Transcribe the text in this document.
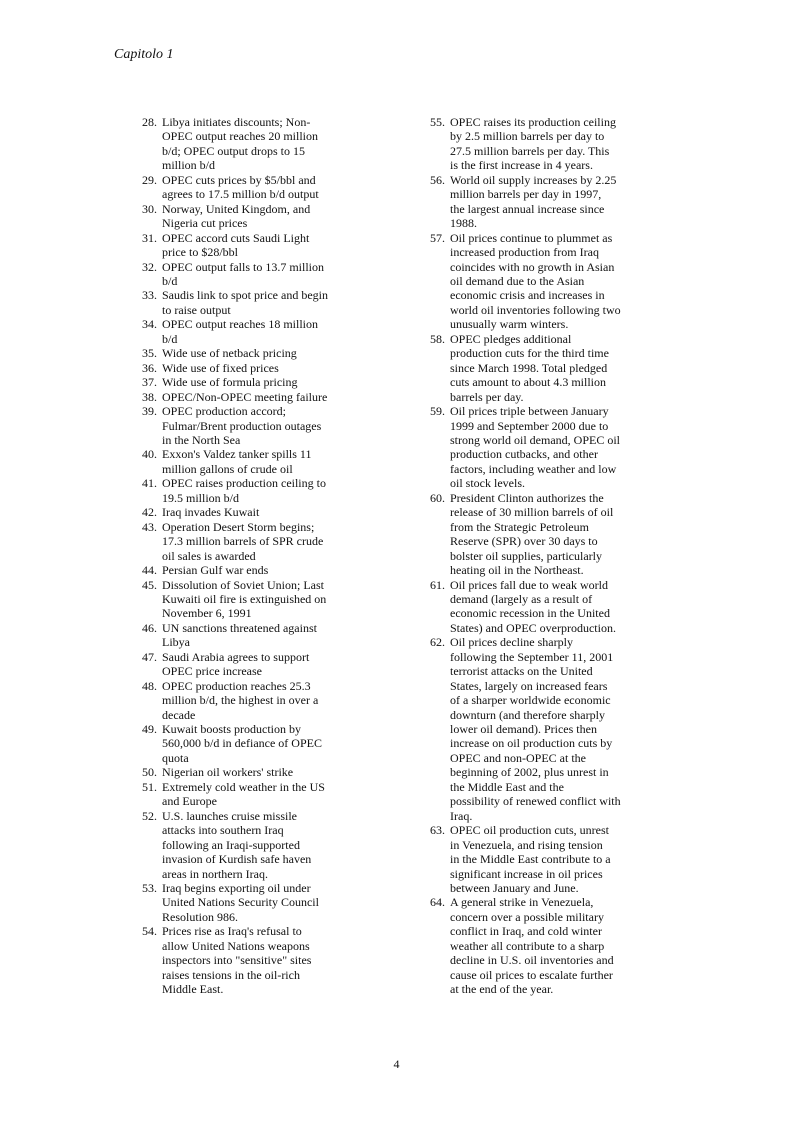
Capitolo 1
28. Libya initiates discounts; Non-
OPEC output reaches 20 million
b/d; OPEC output drops to 15
million b/d
29. OPEC cuts prices by $5/bbl and
agrees to 17.5 million b/d output
30. Norway, United Kingdom, and
Nigeria cut prices
31. OPEC accord cuts Saudi Light
price to $28/bbl
32. OPEC output falls to 13.7 million
b/d
33. Saudis link to spot price and begin
to raise output
34. OPEC output reaches 18 million
b/d
35. Wide use of netback pricing
36. Wide use of fixed prices
37. Wide use of formula pricing
38. OPEC/Non-OPEC meeting failure
39. OPEC production accord;
Fulmar/Brent production outages
in the North Sea
40. Exxon's Valdez tanker spills 11
million gallons of crude oil
41. OPEC raises production ceiling to
19.5 million b/d
42. Iraq invades Kuwait
43. Operation Desert Storm begins;
17.3 million barrels of SPR crude
oil sales is awarded
44. Persian Gulf war ends
45. Dissolution of Soviet Union; Last
Kuwaiti oil fire is extinguished on
November 6, 1991
46. UN sanctions threatened against
Libya
47. Saudi Arabia agrees to support
OPEC price increase
48. OPEC production reaches 25.3
million b/d, the highest in over a
decade
49. Kuwait boosts production by
560,000 b/d in defiance of OPEC
quota
50. Nigerian oil workers' strike
51. Extremely cold weather in the US
and Europe
52. U.S. launches cruise missile
attacks into southern Iraq
following an Iraqi-supported
invasion of Kurdish safe haven
areas in northern Iraq.
53. Iraq begins exporting oil under
United Nations Security Council
Resolution 986.
54. Prices rise as Iraq's refusal to
allow United Nations weapons
inspectors into "sensitive" sites
raises tensions in the oil-rich
Middle East.
55. OPEC raises its production ceiling
by 2.5 million barrels per day to
27.5 million barrels per day. This
is the first increase in 4 years.
56. World oil supply increases by 2.25
million barrels per day in 1997,
the largest annual increase since
1988.
57. Oil prices continue to plummet as
increased production from Iraq
coincides with no growth in Asian
oil demand due to the Asian
economic crisis and increases in
world oil inventories following two
unusually warm winters.
58. OPEC pledges additional
production cuts for the third time
since March 1998. Total pledged
cuts amount to about 4.3 million
barrels per day.
59. Oil prices triple between January
1999 and September 2000 due to
strong world oil demand, OPEC oil
production cutbacks, and other
factors, including weather and low
oil stock levels.
60. President Clinton authorizes the
release of 30 million barrels of oil
from the Strategic Petroleum
Reserve (SPR) over 30 days to
bolster oil supplies, particularly
heating oil in the Northeast.
61. Oil prices fall due to weak world
demand (largely as a result of
economic recession in the United
States) and OPEC overproduction.
62. Oil prices decline sharply
following the September 11, 2001
terrorist attacks on the United
States, largely on increased fears
of a sharper worldwide economic
downturn (and therefore sharply
lower oil demand). Prices then
increase on oil production cuts by
OPEC and non-OPEC at the
beginning of 2002, plus unrest in
the Middle East and the
possibility of renewed conflict with
Iraq.
63. OPEC oil production cuts, unrest
in Venezuela, and rising tension
in the Middle East contribute to a
significant increase in oil prices
between January and June.
64. A general strike in Venezuela,
concern over a possible military
conflict in Iraq, and cold winter
weather all contribute to a sharp
decline in U.S. oil inventories and
cause oil prices to escalate further
at the end of the year.
4
